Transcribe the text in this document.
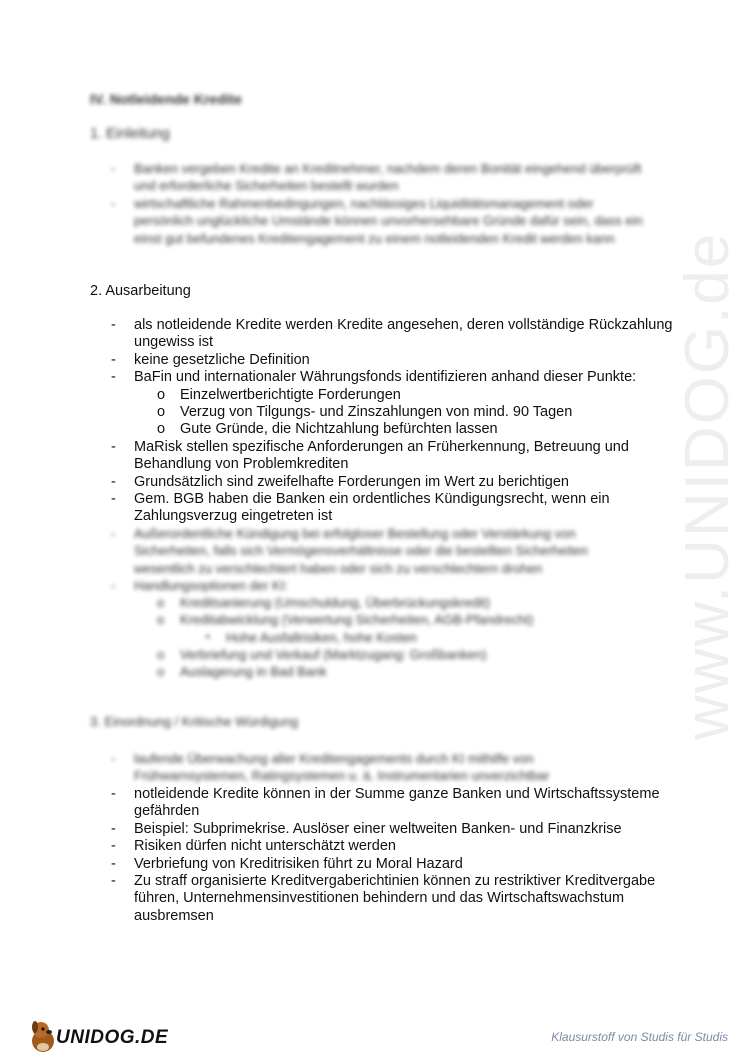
www.UNIDOG.de
IV. Notleidende Kredite
1. Einleitung
- Banken vergeben Kredite an Kreditnehmer, nachdem deren Bonität eingehend überprüft und erforderliche Sicherheiten bestellt wurden
- wirtschaftliche Rahmenbedingungen, nachlässiges Liquiditätsmanagement oder persönlich unglückliche Umstände können unvorhersehbare Gründe dafür sein, dass ein einst gut befundenes Kreditengagement zu einem notleidenden Kredit werden kann
2. Ausarbeitung
- als notleidende Kredite werden Kredite angesehen, deren vollständige Rückzahlung ungewiss ist
- keine gesetzliche Definition
- BaFin und internationaler Währungsfonds identifizieren anhand dieser Punkte:
o Einzelwertberichtigte Forderungen
o Verzug von Tilgungs- und Zinszahlungen von mind. 90 Tagen
o Gute Gründe, die Nichtzahlung befürchten lassen
- MaRisk stellen spezifische Anforderungen an Früherkennung, Betreuung und Behandlung von Problemkrediten
- Grundsätzlich sind zweifelhafte Forderungen im Wert zu berichtigen
- Gem. BGB haben die Banken ein ordentliches Kündigungsrecht, wenn ein Zahlungsverzug eingetreten ist
- Außerordentliche Kündigung bei erfolgloser Bestellung oder Verstärkung von Sicherheiten, falls sich Vermögensverhältnisse oder die bestellten Sicherheiten wesentlich zu verschlechtert haben oder sich zu verschlechtern drohen
- Handlungsoptionen der KI:
o Kreditsanierung (Umschuldung, Überbrückungskredit)
o Kreditabwicklung (Verwertung Sicherheiten, AGB-Pfandrecht)
▪ Hohe Ausfallrisiken, hohe Kosten
o Verbriefung und Verkauf (Marktzugang: Großbanken)
o Auslagerung in Bad Bank
3. Einordnung / Kritische Würdigung
- laufende Überwachung aller Kreditengagements durch KI mithilfe von Frühwarnsystemen, Ratingsystemen u. ä. Instrumentarien unverzichtbar
- notleidende Kredite können in der Summe ganze Banken und Wirtschaftssysteme gefährden
- Beispiel: Subprimekrise. Auslöser einer weltweiten Banken- und Finanzkrise
- Risiken dürfen nicht unterschätzt werden
- Verbriefung von Kreditrisiken führt zu Moral Hazard
- Zu straff organisierte Kreditvergaberichtinien können zu restriktiver Kreditvergabe führen, Unternehmensinvestitionen behindern und das Wirtschaftswachstum ausbremsen
UNIDOG.DE	Klausurstoff von Studis für Studis
